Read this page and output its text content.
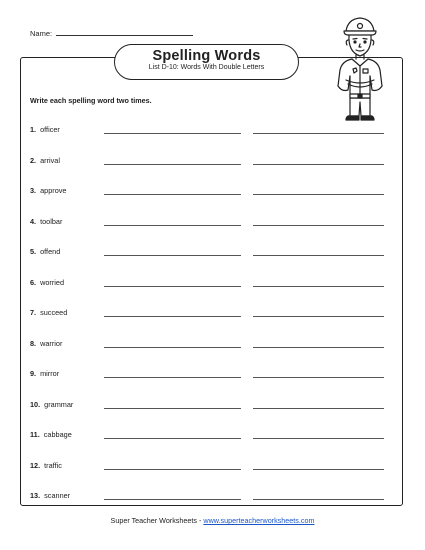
Name:
Spelling Words
List D-10: Words With Double Letters
Write each spelling word two times.
1. officer
2. arrival
3. approve
4. toolbar
5. offend
6. worried
7. succeed
8. warrior
9. mirror
10. grammar
11. cabbage
12. traffic
13. scanner
Super Teacher Worksheets - www.superteacherworksheets.com
